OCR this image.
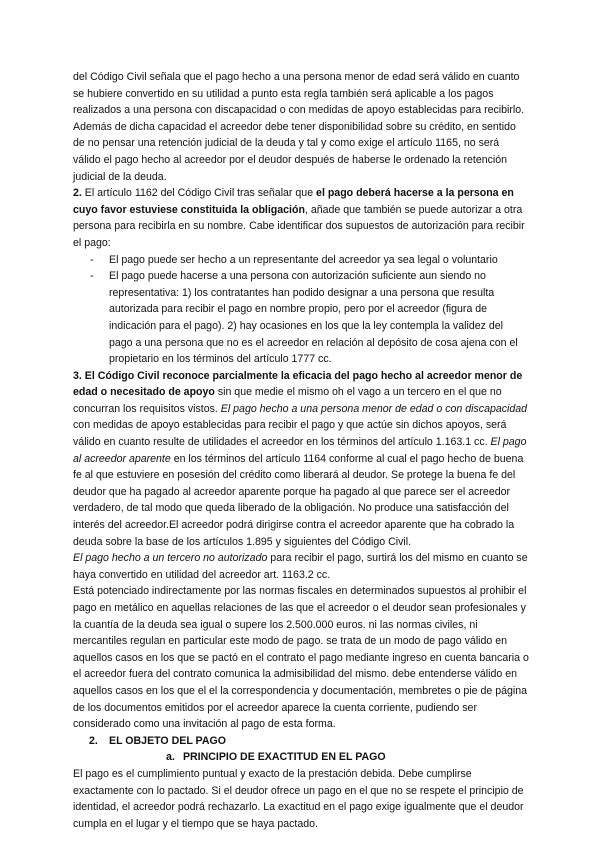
del Código Civil señala que el pago hecho a una persona menor de edad será válido en cuanto se hubiere convertido en su utilidad a punto esta regla también será aplicable a los pagos realizados a una persona con discapacidad o con medidas de apoyo establecidas para recibirlo.

Además de dicha capacidad el acreedor debe tener disponibilidad sobre su crédito, en sentido de no pensar una retención judicial de la deuda y tal y como exige el artículo 1165, no será válido el pago hecho al acreedor por el deudor después de haberse le ordenado la retención judicial de la deuda.

2. El artículo 1162 del Código Civil tras señalar que el pago deberá hacerse a la persona en cuyo favor estuviese constituida la obligación, añade que también se puede autorizar a otra persona para recibirla en su nombre. Cabe identificar dos supuestos de autorización para recibir el pago:

- El pago puede ser hecho a un representante del acreedor ya sea legal o voluntario
- El pago puede hacerse a una persona con autorización suficiente aun siendo no representativa: 1) los contratantes han podido designar a una persona que resulta autorizada para recibir el pago en nombre propio, pero por el acreedor (figura de indicación para el pago). 2) hay ocasiones en los que la ley contempla la validez del pago a una persona que no es el acreedor en relación al depósito de cosa ajena con el propietario en los términos del artículo 1777 cc.

3. El Código Civil reconoce parcialmente la eficacia del pago hecho al acreedor menor de edad o necesitado de apoyo sin que medie el mismo oh el vago a un tercero en el que no concurran los requisitos vistos. El pago hecho a una persona menor de edad o con discapacidad con medidas de apoyo establecidas para recibir el pago y que actúe sin dichos apoyos, será válido en cuanto resulte de utilidades el acreedor en los términos del artículo 1.163.1 cc. El pago al acreedor aparente en los términos del artículo 1164 conforme al cual el pago hecho de buena fe al que estuviere en posesión del crédito como liberará al deudor. Se protege la buena fe del deudor que ha pagado al acreedor aparente porque ha pagado al que parece ser el acreedor verdadero, de tal modo que queda liberado de la obligación. No produce una satisfacción del interés del acreedor.El acreedor podrá dirigirse contra el acreedor aparente que ha cobrado la deuda sobre la base de los artículos 1.895 y siguientes del Código Civil.

El pago hecho a un tercero no autorizado para recibir el pago, surtirá los del mismo en cuanto se haya convertido en utilidad del acreedor art. 1163.2 cc.

Está potenciado indirectamente por las normas fiscales en determinados supuestos al prohibir el pago en metálico en aquellas relaciones de las que el acreedor o el deudor sean profesionales y la cuantía de la deuda sea igual o supere los 2.500.000 euros. ni las normas civiles, ni mercantiles regulan en particular este modo de pago. se trata de un modo de pago válido en aquellos casos en los que se pactó en el contrato el pago mediante ingreso en cuenta bancaria o el acreedor fuera del contrato comunica la admisibilidad del mismo. debe entenderse válido en aquellos casos en los que el el la correspondencia y documentación, membretes o pie de página de los documentos emitidos por el acreedor aparece la cuenta corriente, pudiendo ser considerado como una invitación al pago de esta forma.

2. EL OBJETO DEL PAGO

a. PRINCIPIO DE EXACTITUD EN EL PAGO

El pago es el cumplimiento puntual y exacto de la prestación debida. Debe cumplirse exactamente con lo pactado. Si el deudor ofrece un pago en el que no se respete el principio de identidad, el acreedor podrá rechazarlo. La exactitud en el pago exige igualmente que el deudor cumpla en el lugar y el tiempo que se haya pactado.
